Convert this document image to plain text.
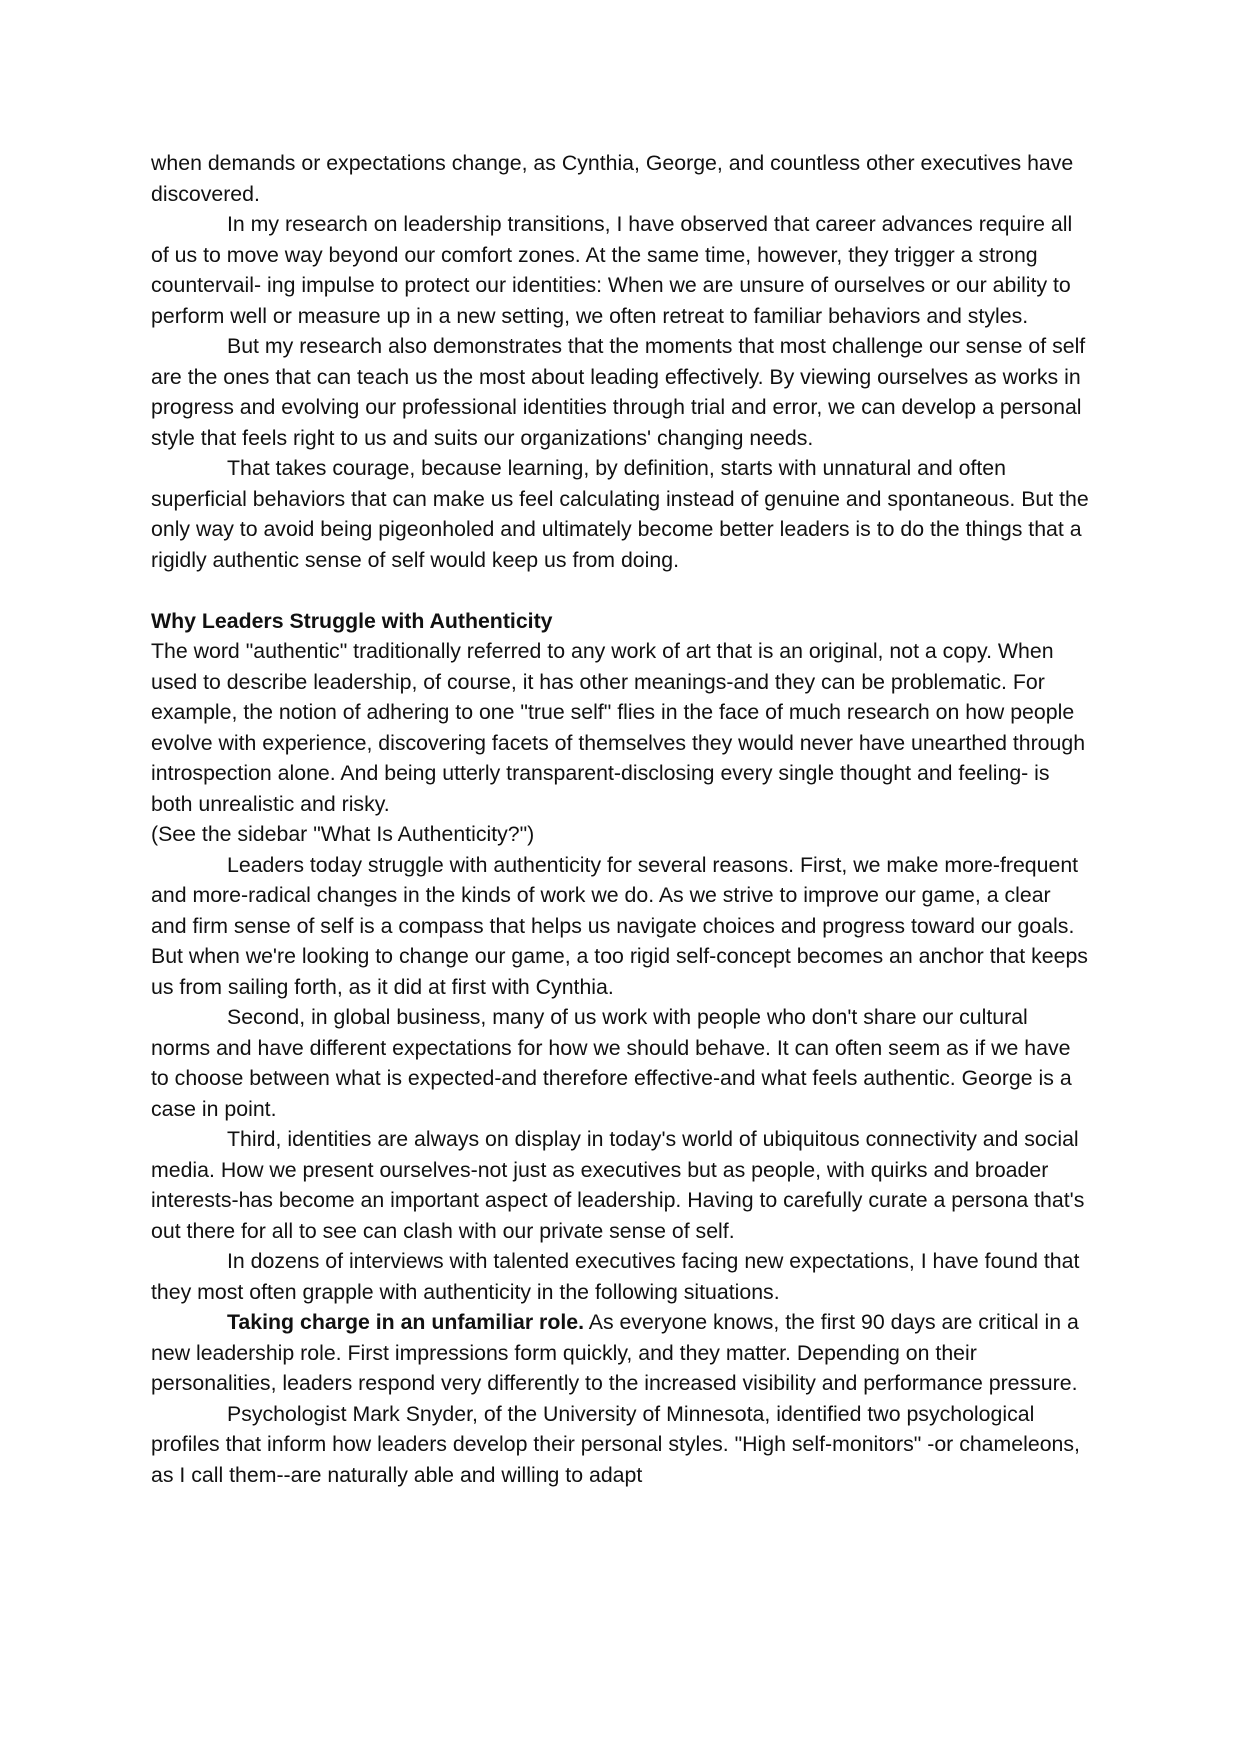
when demands or expectations change, as Cynthia, George, and countless other executives have discovered.

In my research on leadership transitions, I have observed that career advances require all of us to move way beyond our comfort zones. At the same time, however, they trigger a strong countervail- ing impulse to protect our identities: When we are unsure of ourselves or our ability to perform well or measure up in a new setting, we often retreat to familiar behaviors and styles.

But my research also demonstrates that the moments that most challenge our sense of self are the ones that can teach us the most about leading effectively. By viewing ourselves as works in progress and evolving our professional identities through trial and error, we can develop a personal style that feels right to us and suits our organizations' changing needs.

That takes courage, because learning, by definition, starts with unnatural and often superficial behaviors that can make us feel calculating instead of genuine and spontaneous. But the only way to avoid being pigeonholed and ultimately become better leaders is to do the things that a rigidly authentic sense of self would keep us from doing.

Why Leaders Struggle with Authenticity

The word "authentic" traditionally referred to any work of art that is an original, not a copy. When used to describe leadership, of course, it has other meanings-and they can be problematic. For example, the notion of adhering to one "true self" flies in the face of much research on how people evolve with experience, discovering facets of themselves they would never have unearthed through introspection alone. And being utterly transparent-disclosing every single thought and feeling- is both unrealistic and risky.

(See the sidebar "What Is Authenticity?")

Leaders today struggle with authenticity for several reasons. First, we make more-frequent and more-radical changes in the kinds of work we do. As we strive to improve our game, a clear and firm sense of self is a compass that helps us navigate choices and progress toward our goals. But when we're looking to change our game, a too rigid self-concept becomes an anchor that keeps us from sailing forth, as it did at first with Cynthia.

Second, in global business, many of us work with people who don't share our cultural norms and have different expectations for how we should behave. It can often seem as if we have to choose between what is expected-and therefore effective-and what feels authentic. George is a case in point.

Third, identities are always on display in today's world of ubiquitous connectivity and social media. How we present ourselves-not just as executives but as people, with quirks and broader interests-has become an important aspect of leadership. Having to carefully curate a persona that's out there for all to see can clash with our private sense of self.

In dozens of interviews with talented executives facing new expectations, I have found that they most often grapple with authenticity in the following situations.

Taking charge in an unfamiliar role. As everyone knows, the first 90 days are critical in a new leadership role. First impressions form quickly, and they matter. Depending on their personalities, leaders respond very differently to the increased visibility and performance pressure.

Psychologist Mark Snyder, of the University of Minnesota, identified two psychological profiles that inform how leaders develop their personal styles. "High self-monitors" -or chameleons, as I call them--are naturally able and willing to adapt
